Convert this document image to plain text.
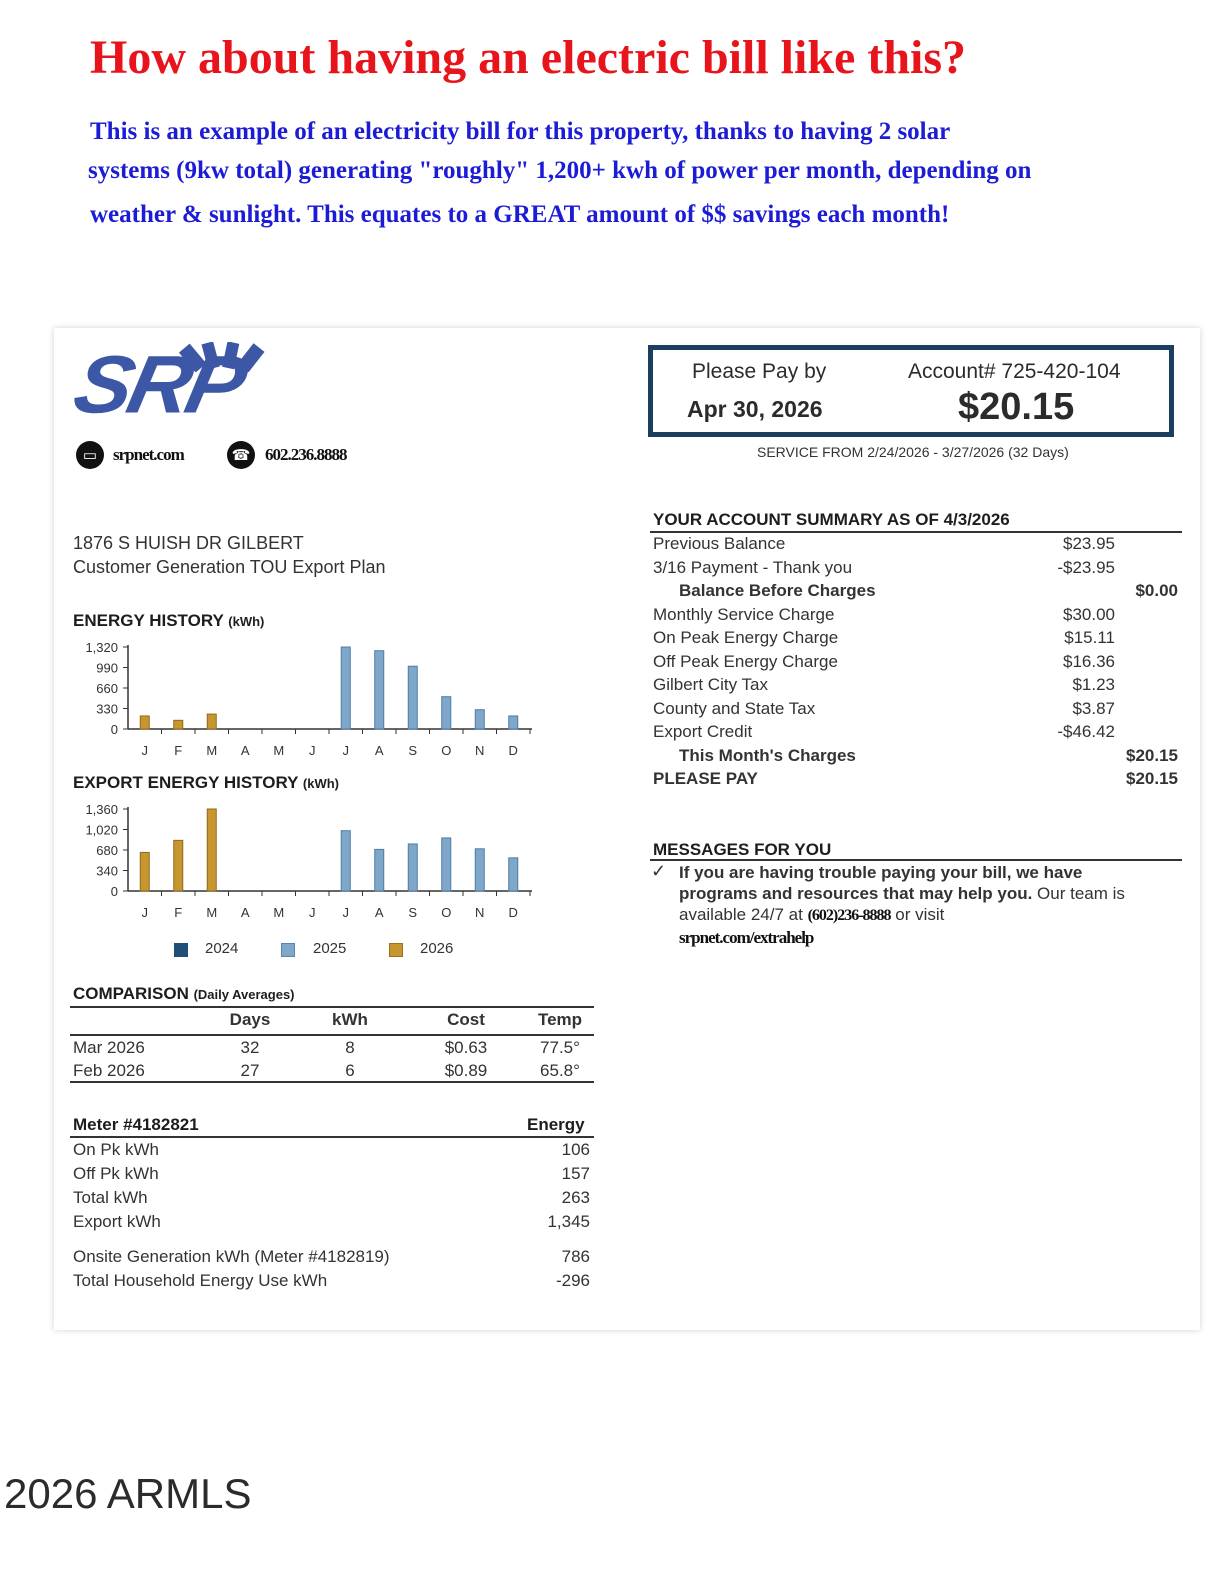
How about having an electric bill like this?
This is an example of an electricity bill for this property, thanks to having 2 solar
systems (9kw total) generating "roughly" 1,200+ kwh of power per month, depending on
weather & sunlight. This equates to a GREAT amount of $$ savings each month!
SRP
▭ srpnet.com	☎ 602.236.8888
1876 S HUISH DR GILBERT
Customer Generation TOU Export Plan
Please Pay by
Apr 30, 2026
Account# 725-420-104
$20.15
SERVICE FROM 2/24/2026 - 3/27/2026 (32 Days)
YOUR ACCOUNT SUMMARY AS OF 4/3/2026
Previous Balance	$23.95
3/16 Payment - Thank you	-$23.95
Balance Before Charges	$0.00
Monthly Service Charge	$30.00
On Peak Energy Charge	$15.11
Off Peak Energy Charge	$16.36
Gilbert City Tax	$1.23
County and State Tax	$3.87
Export Credit	-$46.42
This Month's Charges	$20.15
PLEASE PAY	$20.15
MESSAGES FOR YOU
✓ If you are having trouble paying your bill, we have
programs and resources that may help you. Our team is
available 24/7 at (602)236-8888 or visit
srpnet.com/extrahelp
ENERGY HISTORY (kWh)
1,320
990
660
330
0
J F M A M J J A S O N D
EXPORT ENERGY HISTORY (kWh)
1,360
1,020
680
340
0
J F M A M J J A S O N D
2024	2025	2026
COMPARISON (Daily Averages)
Days	kWh	Cost	Temp
Mar 2026	32	8	$0.63	77.5°
Feb 2026	27	6	$0.89	65.8°
Meter #4182821	Energy
On Pk kWh	106
Off Pk kWh	157
Total kWh	263
Export kWh	1,345
Onsite Generation kWh (Meter #4182819)	786
Total Household Energy Use kWh	-296
2026 ARMLS
